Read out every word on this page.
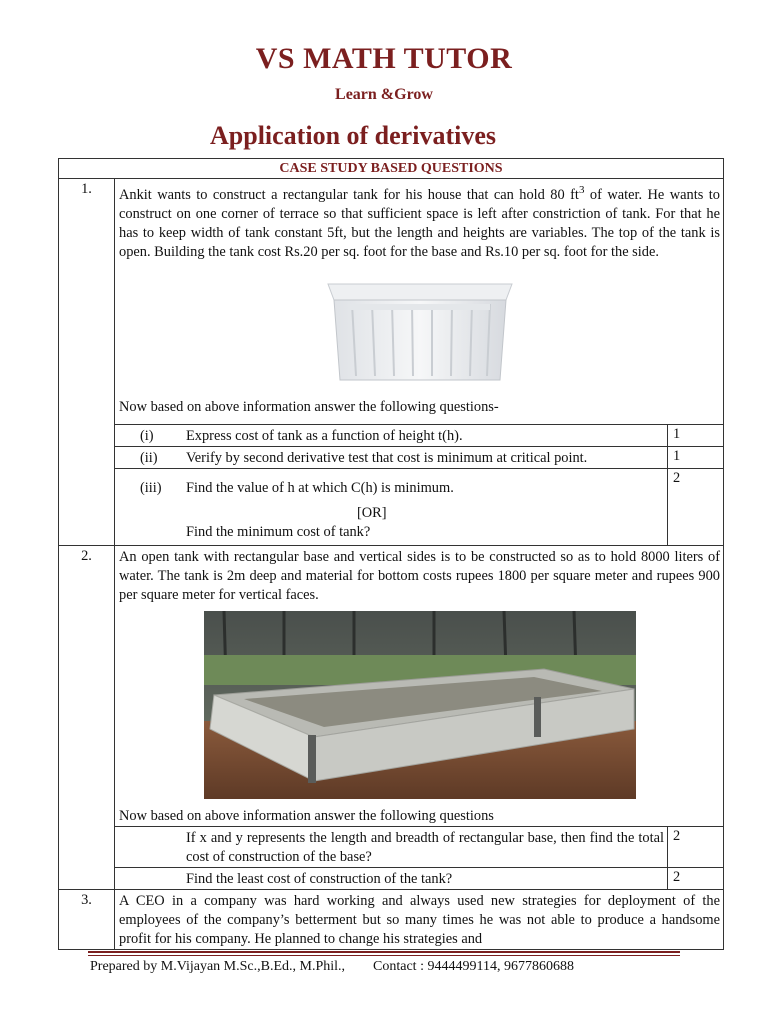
VS MATH TUTOR
Learn &Grow
Application of derivatives
CASE STUDY BASED QUESTIONS		
1.	Ankit wants to construct a rectangular tank for his house that can hold 80 $ft^3$ of water. He wants to construct on one corner of terrace so that sufficient space is left after constriction of tank. For that he has to keep width of tank constant 5ft, but the length and heights are variables. The top of the tank is open. Building the tank cost Rs.20 per sq. foot for the base and Rs.10 per sq. foot for the side.
Now based on above information answer the following questions-	

	(i) Express cost of tank as a function of height t(h).	1
	(ii) Verify by second derivative test that cost is minimum at critical point.	1

	(iii) Find the value of h at which C(h) is minimum.
[OR]
Find the minimum cost of tank?	2
2.	An open tank with rectangular base and vertical sides is to be constructed so as to hold 8000 liters of water. The tank is 2m deep and material for bottom costs rupees 1800 per square meter and rupees 900 per square meter for vertical faces.
Now based on above information answer the following questions	

	If x and y represents the length and breadth of rectangular base, then find the total cost of construction of the base?	2
	Find the least cost of construction of the tank?	2
3.	A CEO in a company was hard working and always used new strategies for deployment of the employees of the company’s betterment but so many times he was not able to produce a handsome profit for his company. He planned to change his strategies and	
Prepared by M.Vijayan M.Sc.,B.Ed., M.Phil., Contact : 9444499114, 9677860688
